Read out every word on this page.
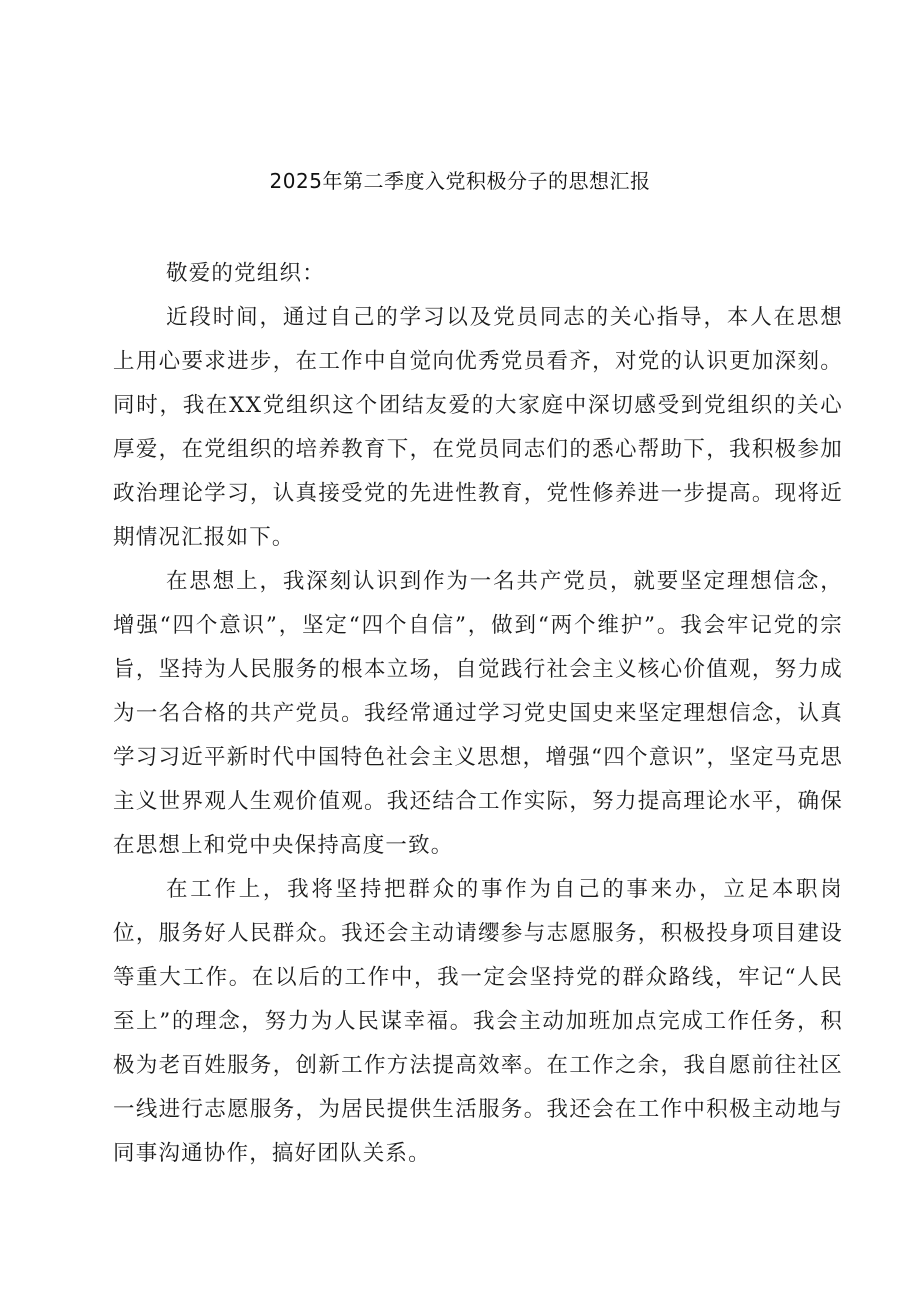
2025年第二季度入党积极分子的思想汇报

敬爱的党组织：

近段时间，通过自己的学习以及党员同志的关心指导，本人在思想上用心要求进步，在工作中自觉向优秀党员看齐，对党的认识更加深刻。同时，我在XX党组织这个团结友爱的大家庭中深切感受到党组织的关心厚爱，在党组织的培养教育下，在党员同志们的悉心帮助下，我积极参加政治理论学习，认真接受党的先进性教育，党性修养进一步提高。现将近期情况汇报如下。

在思想上，我深刻认识到作为一名共产党员，就要坚定理想信念，增强“四个意识”，坚定“四个自信”，做到“两个维护”。我会牢记党的宗旨，坚持为人民服务的根本立场，自觉践行社会主义核心价值观，努力成为一名合格的共产党员。我经常通过学习党史国史来坚定理想信念，认真学习习近平新时代中国特色社会主义思想，增强“四个意识”，坚定马克思主义世界观人生观价值观。我还结合工作实际，努力提高理论水平，确保在思想上和党中央保持高度一致。

在工作上，我将坚持把群众的事作为自己的事来办，立足本职岗位，服务好人民群众。我还会主动请缨参与志愿服务，积极投身项目建设等重大工作。在以后的工作中，我一定会坚持党的群众路线，牢记“人民至上”的理念，努力为人民谋幸福。我会主动加班加点完成工作任务，积极为老百姓服务，创新工作方法提高效率。在工作之余，我自愿前往社区一线进行志愿服务，为居民提供生活服务。我还会在工作中积极主动地与同事沟通协作，搞好团队关系。
